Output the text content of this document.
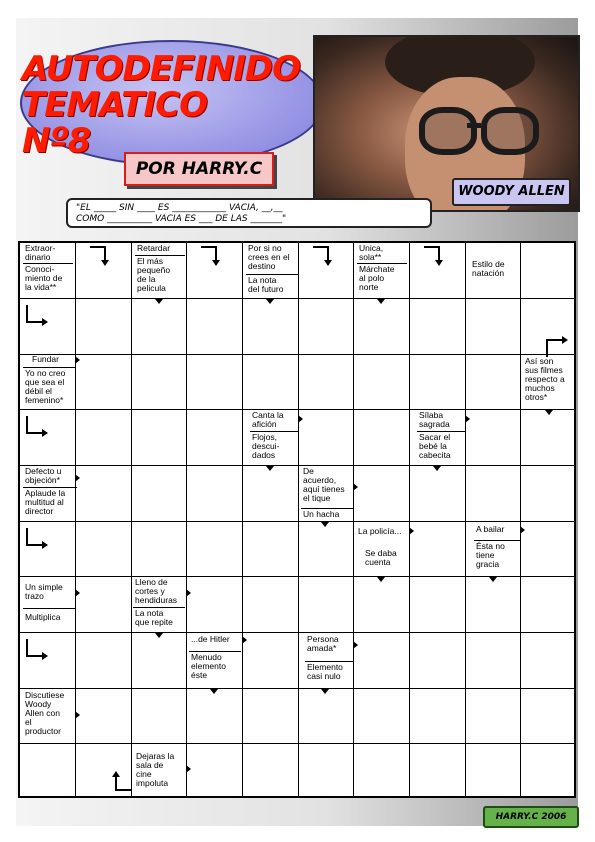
AUTODEFINIDO
TEMATICO
Nº8
POR HARRY.C
WOODY ALLEN
"EL _____ SIN ____ ES ____________ VACIA, __,__
COMO __________ VACIA ES ___ DE LAS _______"
Extraor-
dinario
Conoci-
miento de
la vida**
Retardar
El más
pequeño
de la
pelicula
Por si no
crees en el
destino
La nota
del futuro
Unica,
sola**
Márchate
al polo
norte
Estilo de
natación
Fundar
Yo no creo
que sea el
débil el
femenino*
Así son
sus filmes
respecto a
muchos
otros*
Canta la
afición
Flojos,
descui-
dados
Sílaba
sagrada
Sacar el
bebé la
cabecita
Defecto u
objeción*
Aplaude la
multitud al
director
De
acuerdo,
aquí tienes
el tique
Un hacha
La policía...
Se daba
cuenta
A bailar
Ésta no
tiene
gracia
Un simple
trazo
Multiplica
Lleno de
cortes y
hendiduras
La nota
que repite
...de Hitler
Menudo
elemento
éste
Persona
amada*
Elemento
casi nulo
Discutiese
Woody
Allen con
el
productor
Dejaras la
sala de
cine
impoluta
HARRY.C 2006
